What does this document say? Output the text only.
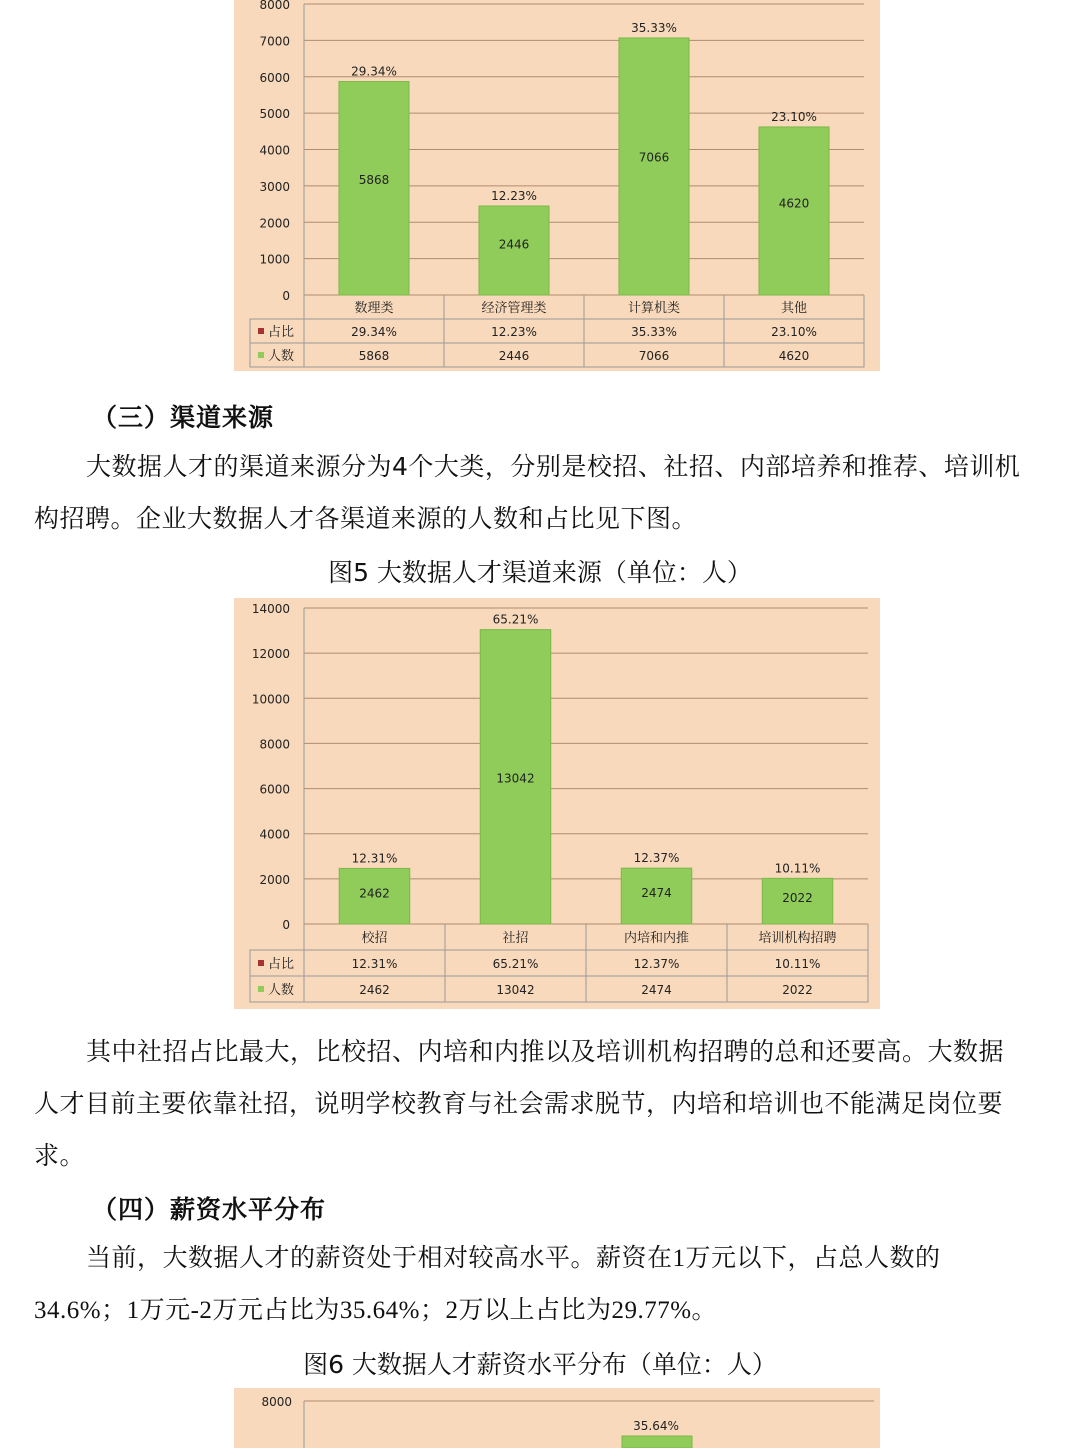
0
1000
2000
3000
4000
5000
6000
7000
8000
29.34%
5868
12.23%
2446
35.33%
7066
23.10%
4620
数理类
29.34%
5868
经济管理类
12.23%
2446
计算机类
35.33%
7066
其他
23.10%
4620
占比
人数
（三）渠道来源

大数据人才的渠道来源分为4个大类，分别是校招、社招、内部培养和推荐、培训机

构招聘。企业大数据人才各渠道来源的人数和占比见下图。
图5 大数据人才渠道来源（单位：人）
0
2000
4000
6000
8000
10000
12000
14000
12.31%
2462
65.21%
13042
12.37%
2474
10.11%
2022
校招
12.31%
2462
社招
65.21%
13042
内培和内推
12.37%
2474
培训机构招聘
10.11%
2022
占比
人数

其中社招占比最大，比校招、内培和内推以及培训机构招聘的总和还要高。大数据

人才目前主要依靠社招，说明学校教育与社会需求脱节，内培和培训也不能满足岗位要
求。
（四）薪资水平分布

当前，大数据人才的薪资处于相对较高水平。薪资在1万元以下，占总人数的

34.6%；1万元-2万元占比为35.64%；2万以上占比为29.77%。
图6 大数据人才薪资水平分布（单位：人）
8000
35.64%
